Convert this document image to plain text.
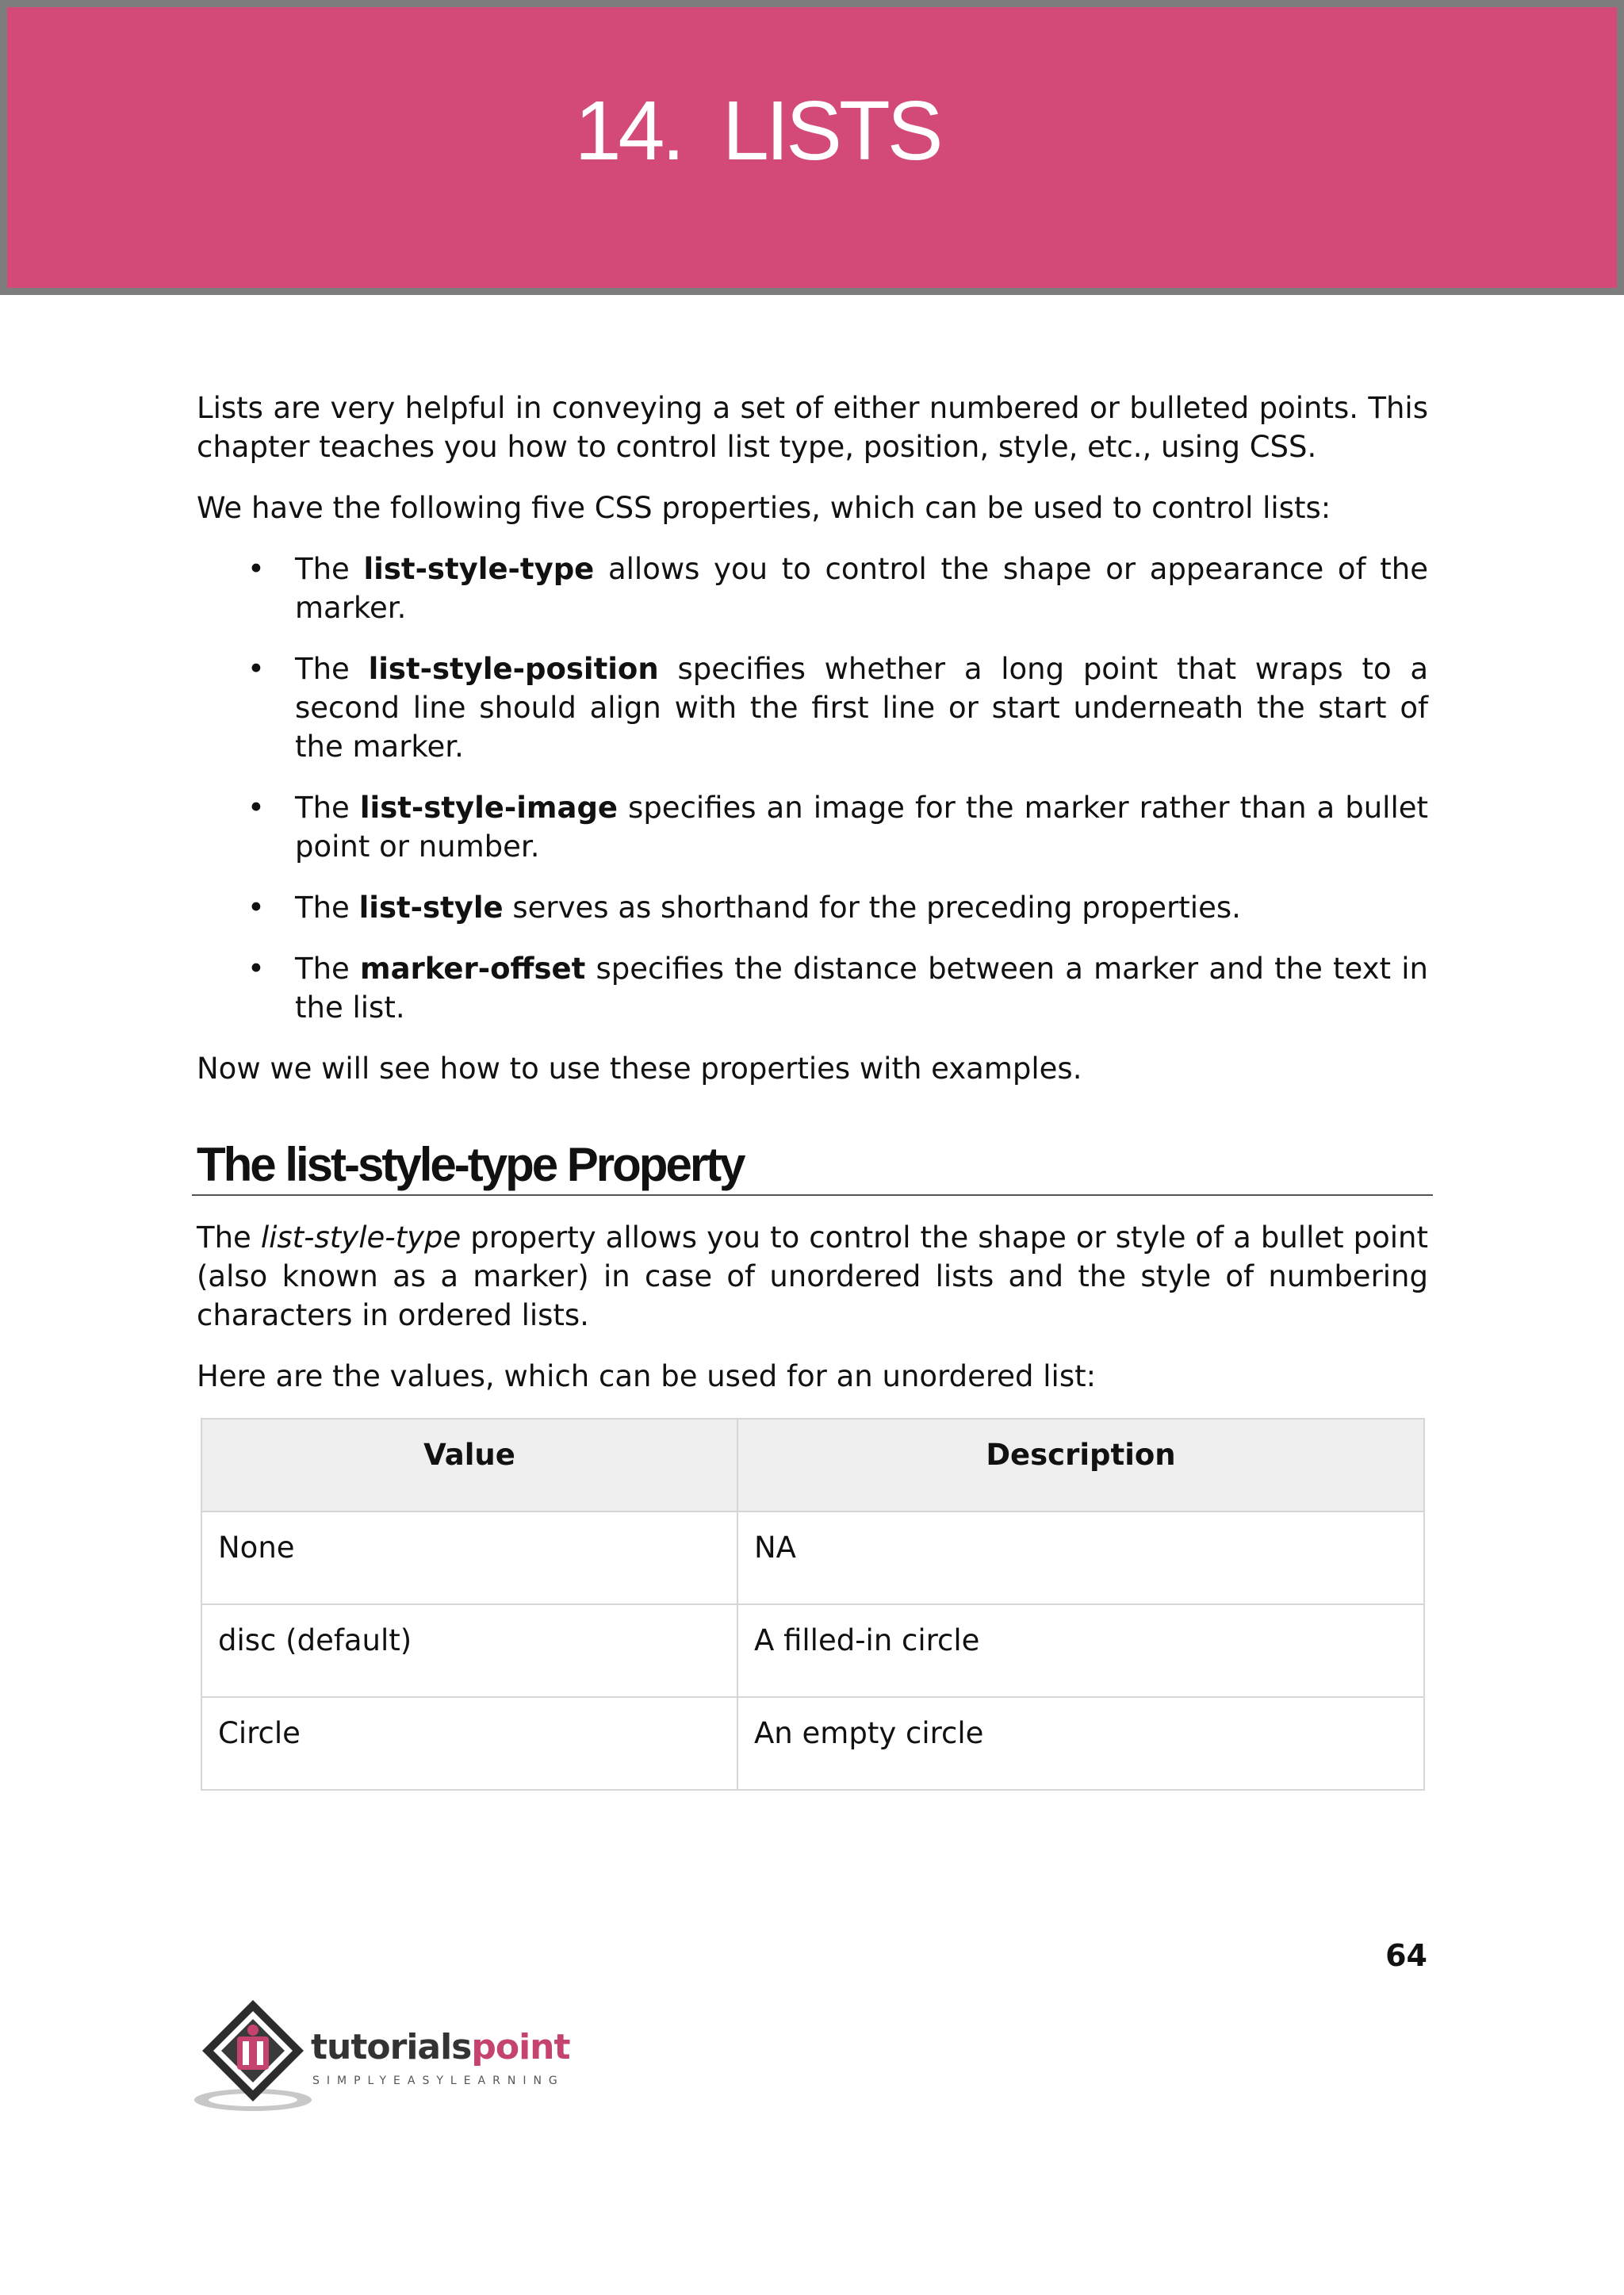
14.  LISTS

Lists are very helpful in conveying a set of either numbered or bulleted points. This chapter teaches you how to control list type, position, style, etc., using CSS.

We have the following five CSS properties, which can be used to control lists:

• The list-style-type allows you to control the shape or appearance of the marker.
• The list-style-position specifies whether a long point that wraps to a second line should align with the first line or start underneath the start of the marker.
• The list-style-image specifies an image for the marker rather than a bullet point or number.
• The list-style serves as shorthand for the preceding properties.
• The marker-offset specifies the distance between a marker and the text in the list.

Now we will see how to use these properties with examples.

The list-style-type Property

The list-style-type property allows you to control the shape or style of a bullet point (also known as a marker) in case of unordered lists and the style of numbering characters in ordered lists.

Here are the values, which can be used for an unordered list:

Value	Description
None	NA
disc (default)	A filled-in circle
Circle	An empty circle
64
tutorialspoint
SIMPLYEASYLEARNING
